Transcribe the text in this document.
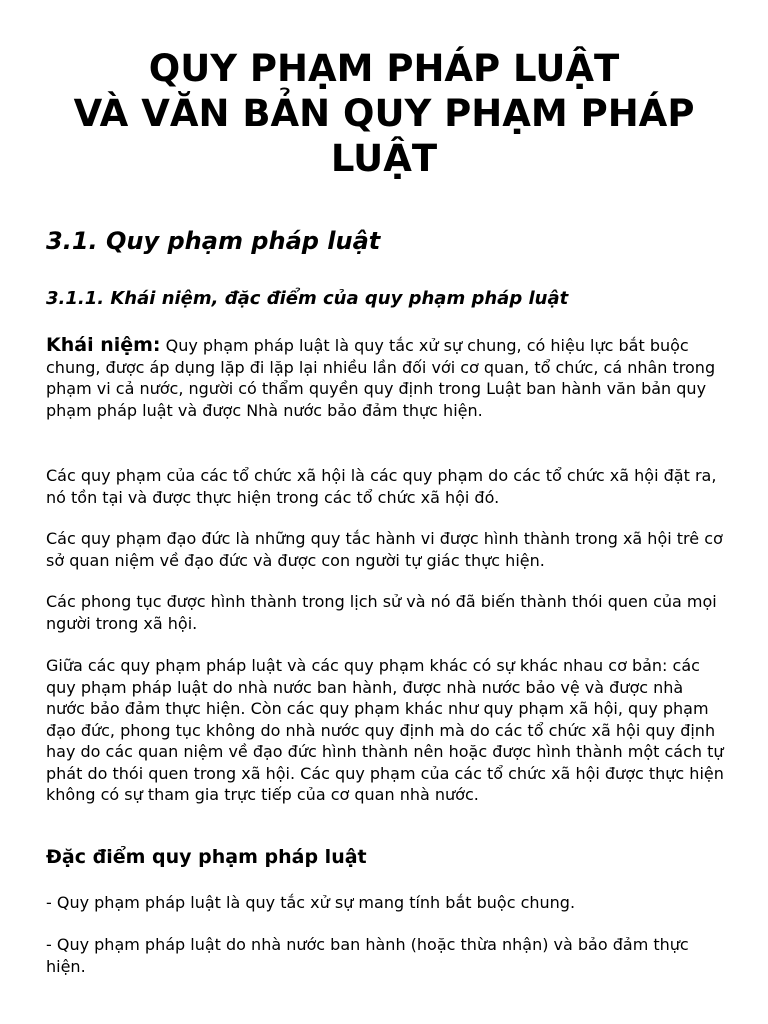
QUY PHẠM PHÁP LUẬT
VÀ VĂN BẢN QUY PHẠM PHÁP
LUẬT
3.1. Quy phạm pháp luật
3.1.1. Khái niệm, đặc điểm của quy phạm pháp luật

Khái niệm: Quy phạm pháp luật là quy tắc xử sự chung, có hiệu lực bắt buộc chung, được áp dụng lặp đi lặp lại nhiều lần đối với cơ quan, tổ chức, cá nhân trong phạm vi cả nước, người có thẩm quyền quy định trong Luật ban hành văn bản quy phạm pháp luật và được Nhà nước bảo đảm thực hiện.

Các quy phạm của các tổ chức xã hội là các quy phạm do các tổ chức xã hội đặt ra, nó tồn tại và được thực hiện trong các tổ chức xã hội đó.

Các quy phạm đạo đức là những quy tắc hành vi được hình thành trong xã hội trê cơ sở quan niệm về đạo đức và được con người tự giác thực hiện.

Các phong tục được hình thành trong lịch sử và nó đã biến thành thói quen của mọi người trong xã hội.

Giữa các quy phạm pháp luật và các quy phạm khác có sự khác nhau cơ bản: các quy phạm pháp luật do nhà nước ban hành, được nhà nước bảo vệ và được nhà nước bảo đảm thực hiện. Còn các quy phạm khác như quy phạm xã hội, quy phạm đạo đức, phong tục không do nhà nước quy định mà do các tổ chức xã hội quy định hay do các quan niệm về đạo đức hình thành nên hoặc được hình thành một cách tự phát do thói quen trong xã hội. Các quy phạm của các tổ chức xã hội được thực hiện không có sự tham gia trực tiếp của cơ quan nhà nước.

Đặc điểm quy phạm pháp luật

- Quy phạm pháp luật là quy tắc xử sự mang tính bắt buộc chung.

- Quy phạm pháp luật do nhà nước ban hành (hoặc thừa nhận) và bảo đảm thực hiện.
